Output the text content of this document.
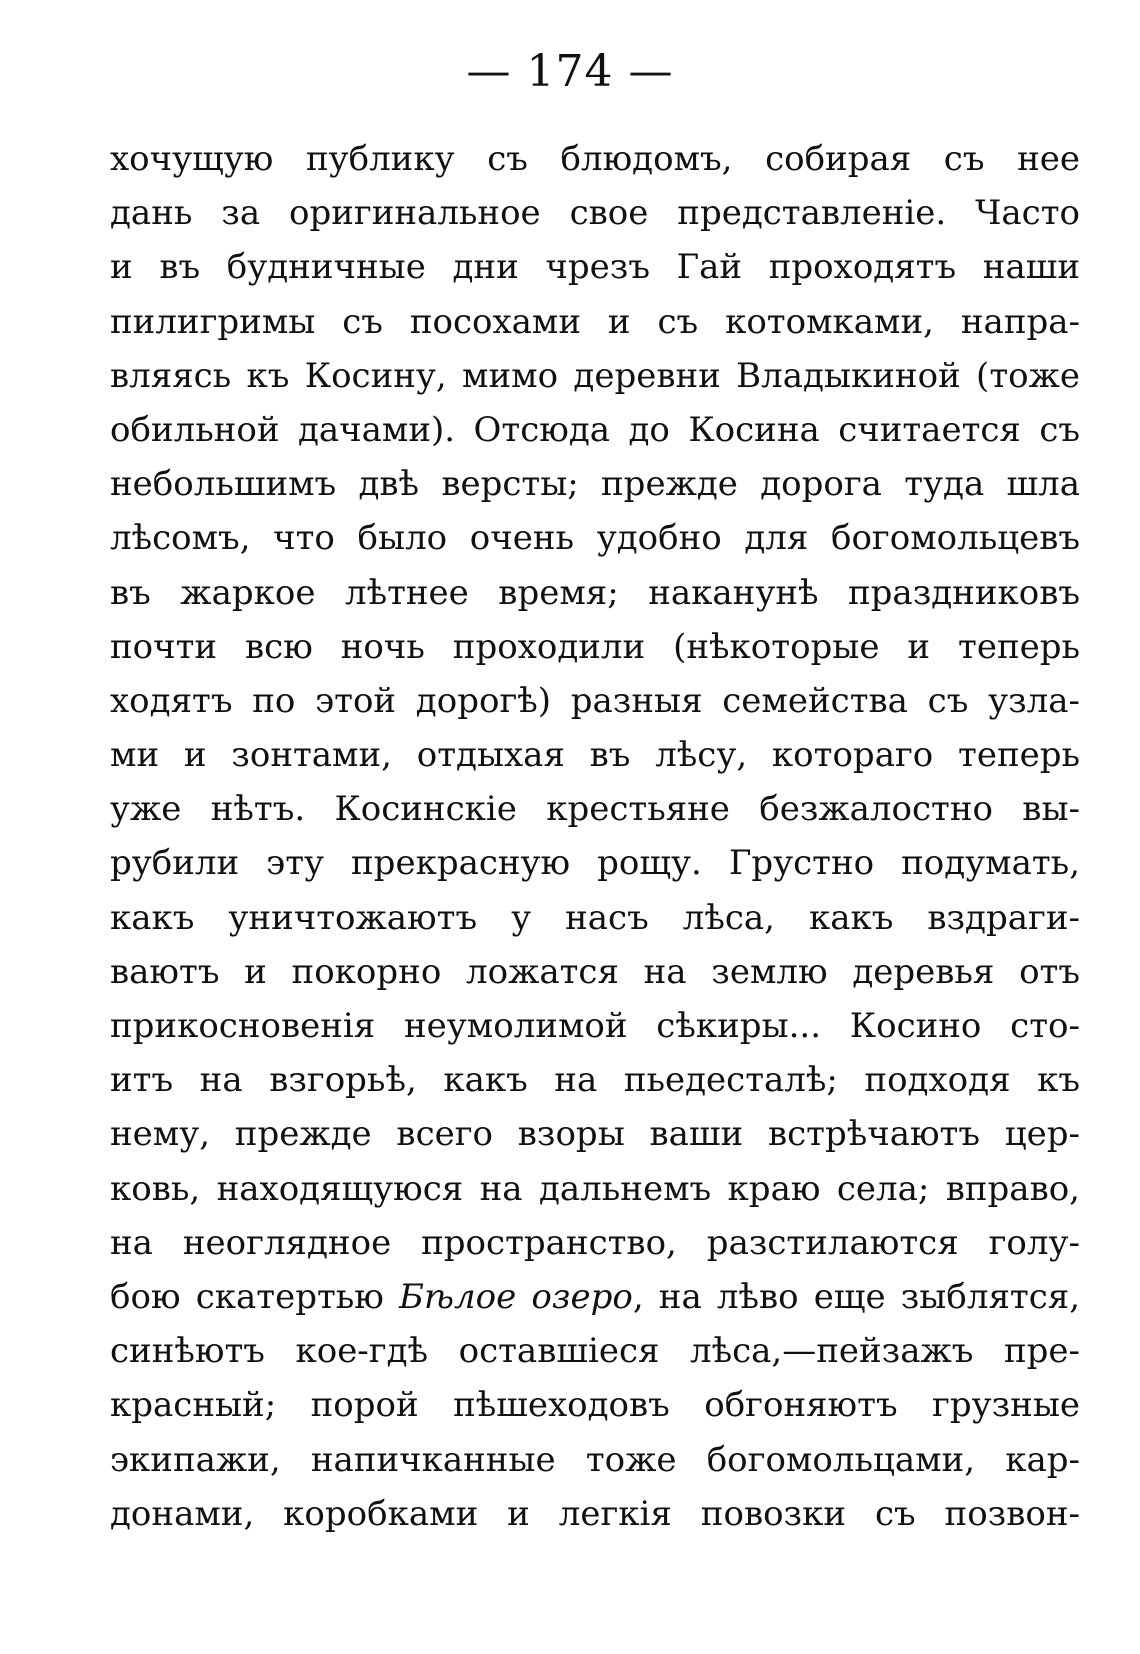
— 174 —
хочущую публику съ блюдомъ, собирая съ нее
дань за оригинальное свое представленіе. Часто
и въ будничные дни чрезъ Гай проходятъ наши
пилигримы съ посохами и съ котомками, напра-
вляясь къ Косину, мимо деревни Владыкиной (тоже
обильной дачами). Отсюда до Косина считается съ
небольшимъ двѣ версты; прежде дорога туда шла
лѣсомъ, что было очень удобно для богомольцевъ
въ жаркое лѣтнее время; наканунѣ праздниковъ
почти всю ночь проходили (нѣкоторые и теперь
ходятъ по этой дорогѣ) разныя семейства съ узла-
ми и зонтами, отдыхая въ лѣсу, котораго теперь
уже нѣтъ. Косинскіе крестьяне безжалостно вы-
рубили эту прекрасную рощу. Грустно подумать,
какъ уничтожаютъ у насъ лѣса, какъ вздраги-
ваютъ и покорно ложатся на землю деревья отъ
прикосновенія неумолимой сѣкиры... Косино сто-
итъ на взгорьѣ, какъ на пьедесталѣ; подходя къ
нему, прежде всего взоры ваши встрѣчаютъ цер-
ковь, находящуюся на дальнемъ краю села; вправо,
на неоглядное пространство, разстилаются голу-
бою скатертью Бѣлое озеро, на лѣво еще зыблятся,
синѣютъ кое-гдѣ оставшіеся лѣса,—пейзажъ пре-
красный; порой пѣшеходовъ обгоняютъ грузные
экипажи, напичканные тоже богомольцами, кар-
донами, коробками и легкія повозки съ позвон-
